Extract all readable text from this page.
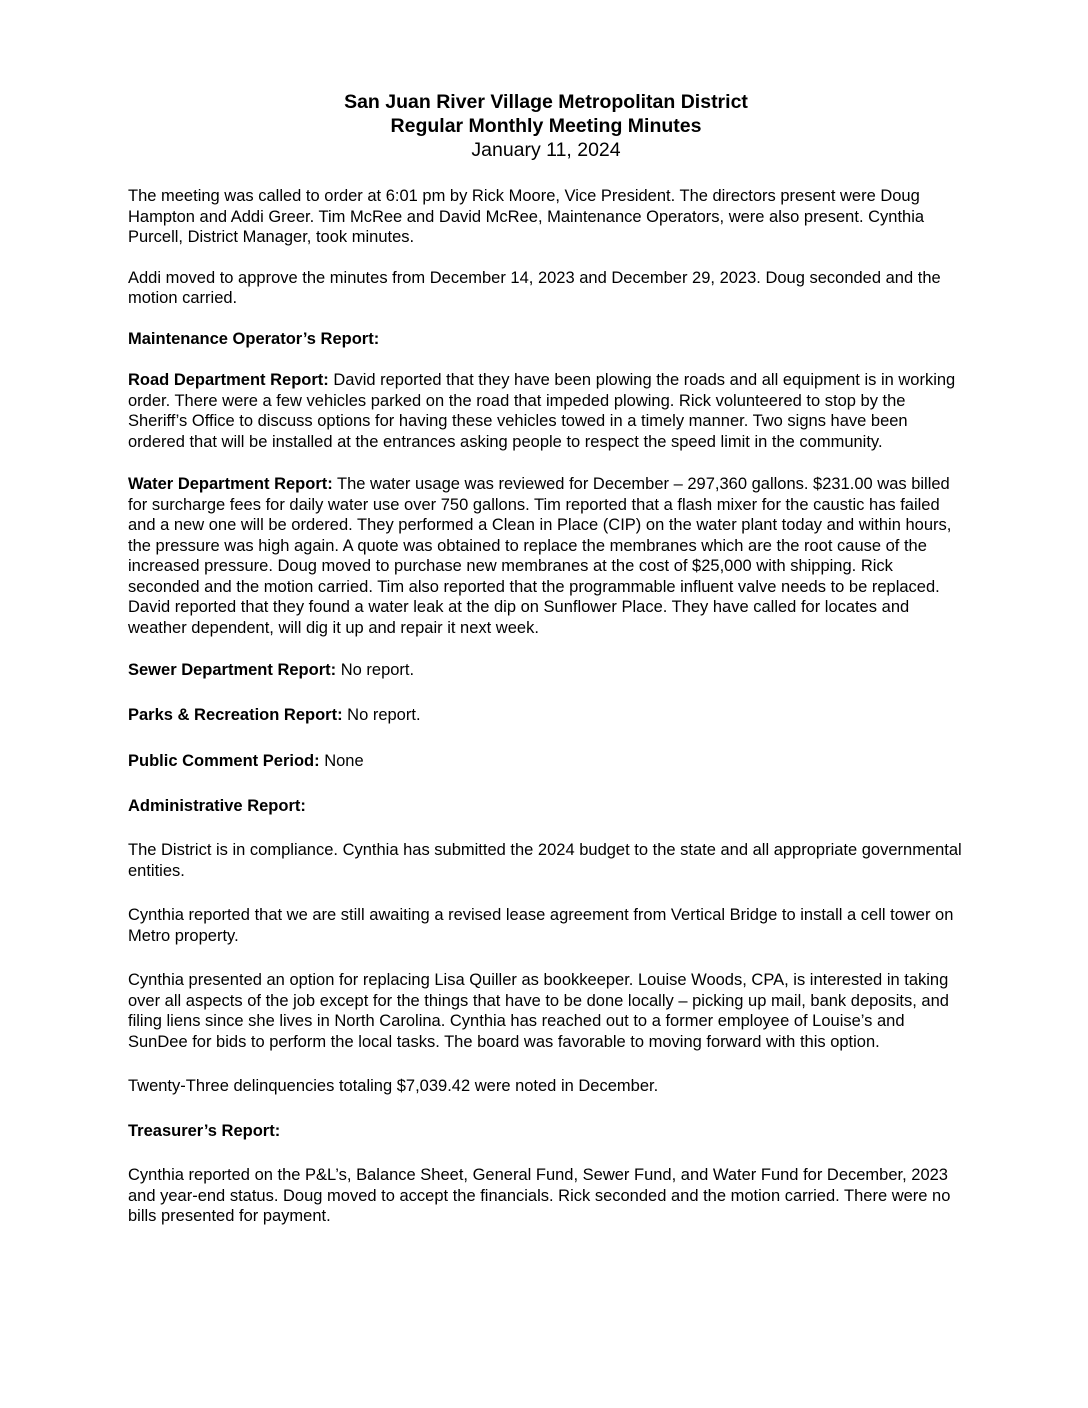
San Juan River Village Metropolitan District
Regular Monthly Meeting Minutes
January 11, 2024

The meeting was called to order at 6:01 pm by Rick Moore, Vice President. The directors present were Doug Hampton and Addi Greer. Tim McRee and David McRee, Maintenance Operators, were also present. Cynthia Purcell, District Manager, took minutes.

Addi moved to approve the minutes from December 14, 2023 and December 29, 2023. Doug seconded and the motion carried.

Maintenance Operator’s Report:

Road Department Report: David reported that they have been plowing the roads and all equipment is in working order. There were a few vehicles parked on the road that impeded plowing. Rick volunteered to stop by the Sheriff’s Office to discuss options for having these vehicles towed in a timely manner. Two signs have been ordered that will be installed at the entrances asking people to respect the speed limit in the community.

Water Department Report: The water usage was reviewed for December – 297,360 gallons. $231.00 was billed for surcharge fees for daily water use over 750 gallons. Tim reported that a flash mixer for the caustic has failed and a new one will be ordered. They performed a Clean in Place (CIP) on the water plant today and within hours, the pressure was high again. A quote was obtained to replace the membranes which are the root cause of the increased pressure. Doug moved to purchase new membranes at the cost of $25,000 with shipping. Rick seconded and the motion carried. Tim also reported that the programmable influent valve needs to be replaced. David reported that they found a water leak at the dip on Sunflower Place. They have called for locates and weather dependent, will dig it up and repair it next week.

Sewer Department Report: No report.

Parks & Recreation Report: No report.

Public Comment Period: None

Administrative Report:

The District is in compliance. Cynthia has submitted the 2024 budget to the state and all appropriate governmental entities.

Cynthia reported that we are still awaiting a revised lease agreement from Vertical Bridge to install a cell tower on Metro property.

Cynthia presented an option for replacing Lisa Quiller as bookkeeper. Louise Woods, CPA, is interested in taking over all aspects of the job except for the things that have to be done locally – picking up mail, bank deposits, and filing liens since she lives in North Carolina. Cynthia has reached out to a former employee of Louise’s and SunDee for bids to perform the local tasks. The board was favorable to moving forward with this option.

Twenty-Three delinquencies totaling $7,039.42 were noted in December.

Treasurer’s Report:

Cynthia reported on the P&L’s, Balance Sheet, General Fund, Sewer Fund, and Water Fund for December, 2023 and year-end status. Doug moved to accept the financials. Rick seconded and the motion carried. There were no bills presented for payment.
